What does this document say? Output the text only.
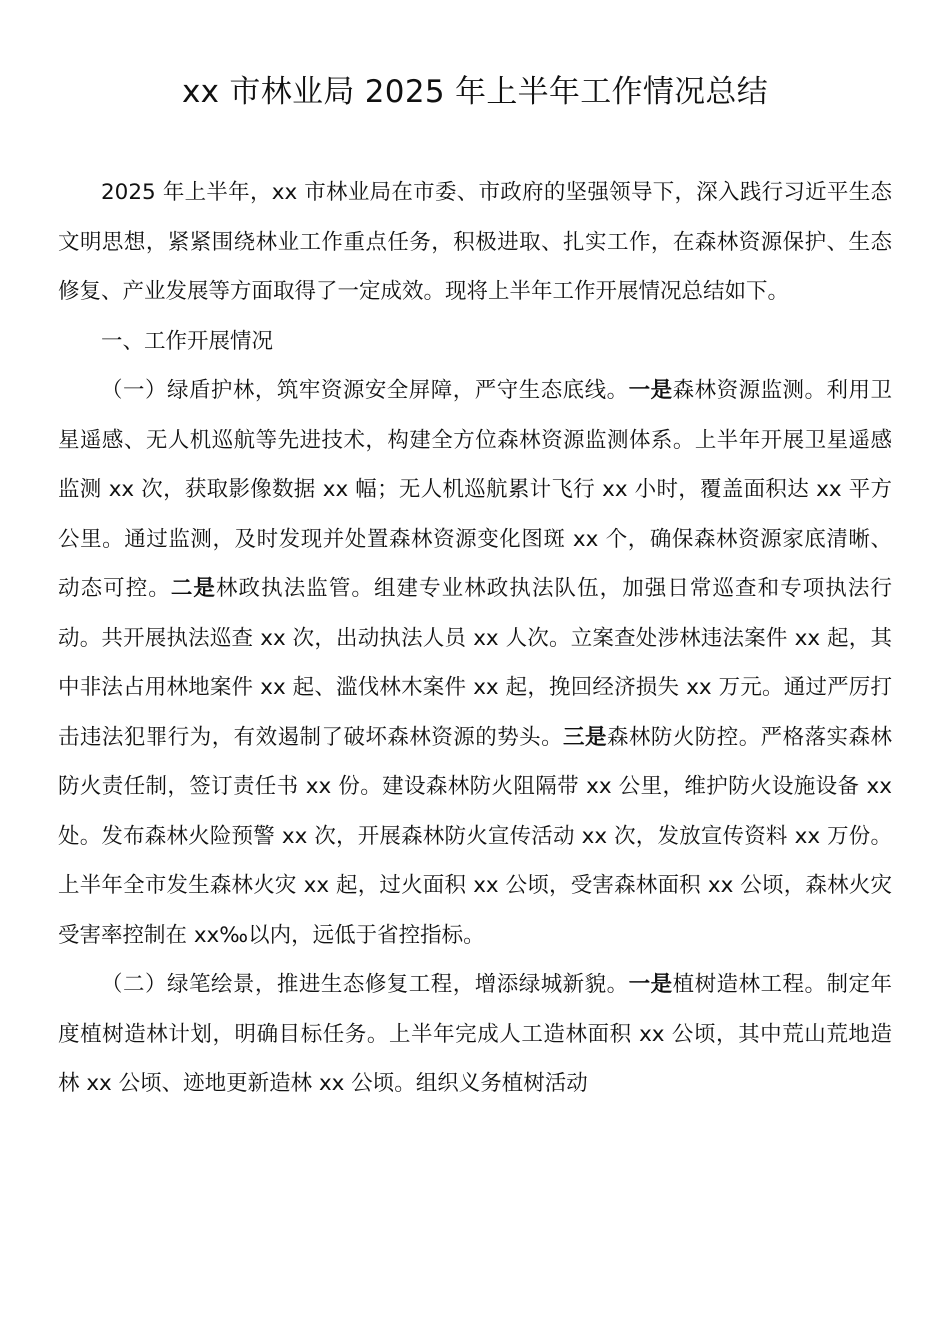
xx 市林业局 2025 年上半年工作情况总结

2025 年上半年，xx 市林业局在市委、市政府的坚强领导下，深入践行习近平生态文明思想，紧紧围绕林业工作重点任务，积极进取、扎实工作，在森林资源保护、生态修复、产业发展等方面取得了一定成效。现将上半年工作开展情况总结如下。

一、工作开展情况

（一）绿盾护林，筑牢资源安全屏障，严守生态底线。一是森林资源监测。利用卫星遥感、无人机巡航等先进技术，构建全方位森林资源监测体系。上半年开展卫星遥感监测 xx 次，获取影像数据 xx 幅；无人机巡航累计飞行 xx 小时，覆盖面积达 xx 平方公里。通过监测，及时发现并处置森林资源变化图斑 xx 个，确保森林资源家底清晰、动态可控。二是林政执法监管。组建专业林政执法队伍，加强日常巡查和专项执法行动。共开展执法巡查 xx 次，出动执法人员 xx 人次。立案查处涉林违法案件 xx 起，其中非法占用林地案件 xx 起、滥伐林木案件 xx 起，挽回经济损失 xx 万元。通过严厉打击违法犯罪行为，有效遏制了破坏森林资源的势头。三是森林防火防控。严格落实森林防火责任制，签订责任书 xx 份。建设森林防火阻隔带 xx 公里，维护防火设施设备 xx 处。发布森林火险预警 xx 次，开展森林防火宣传活动 xx 次，发放宣传资料 xx 万份。上半年全市发生森林火灾 xx 起，过火面积 xx 公顷，受害森林面积 xx 公顷，森林火灾受害率控制在 xx‰以内，远低于省控指标。

（二）绿笔绘景，推进生态修复工程，增添绿城新貌。一是植树造林工程。制定年度植树造林计划，明确目标任务。上半年完成人工造林面积 xx 公顷，其中荒山荒地造林 xx 公顷、迹地更新造林 xx 公顷。组织义务植树活动
